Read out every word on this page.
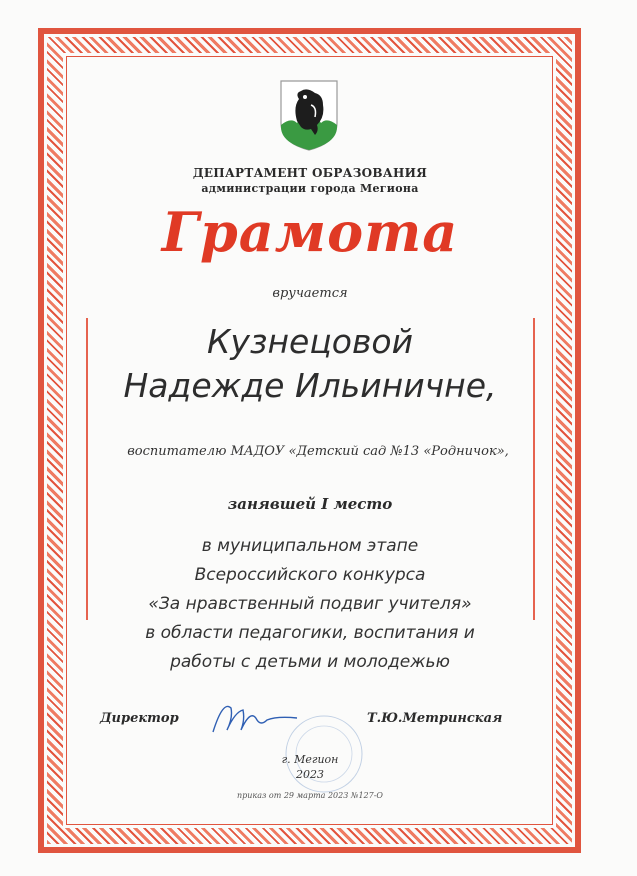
ДЕПАРТАМЕНТ ОБРАЗОВАНИЯ
администрации города Мегиона
Грамота
вручается
Кузнецовой
Надежде Ильиничне,
воспитателю МАДОУ «Детский сад №13 «Родничок»,
занявшей I место
в муниципальном этапе
Всероссийского конкурса
«За нравственный подвиг учителя»
в области педагогики, воспитания и
работы с детьми и молодежью
Директор	Т.Ю.Метринская
г. Мегион
2023
приказ от 29 марта 2023 №127-О
